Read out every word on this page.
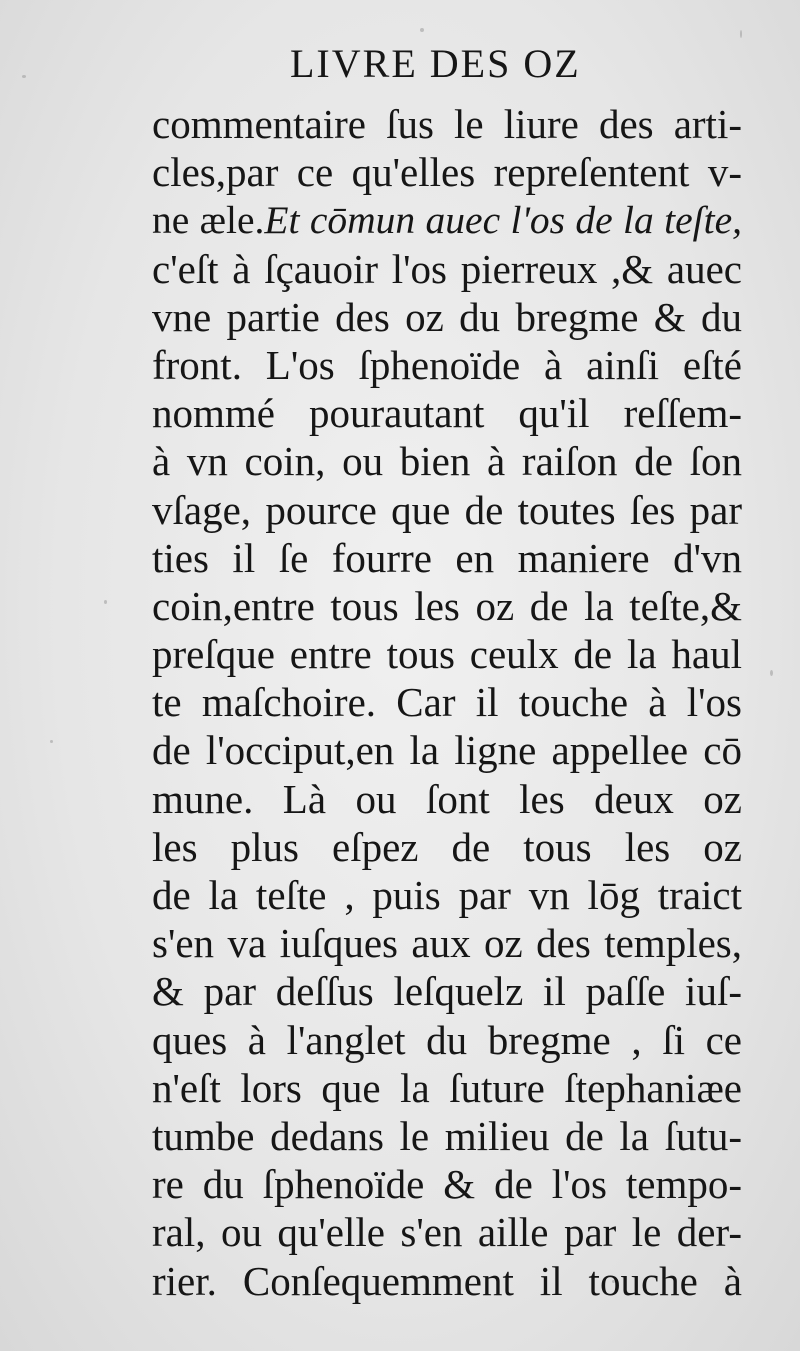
LIVRE DES OZ
commentaire ſus le liure des arti-
cles,par ce qu'elles repreſentent v-
ne æle.Et cōmun auec l'os de la teſte,
c'eſt à ſçauoir l'os pierreux ,& auec
vne partie des oz du bregme & du
front. L'os ſphenoïde à ainſi eſté
nommé pourautant qu'il reſſem-
à vn coin, ou bien à raiſon de ſon
vſage, pource que de toutes ſes par
ties il ſe fourre en maniere d'vn
coin,entre tous les oz de la teſte,&
preſque entre tous ceulx de la haul
te maſchoire. Car il touche à l'os
de l'occiput,en la ligne appellee cō
mune. Là ou ſont les deux oz
les plus eſpez de tous les oz
de la teſte , puis par vn lōg traict
s'en va iuſques aux oz des temples,
& par deſſus leſquelz il paſſe iuſ-
ques à l'anglet du bregme , ſi ce
n'eſt lors que la ſuture ſtephaniæe
tumbe dedans le milieu de la ſutu-
re du ſphenoïde & de l'os tempo-
ral, ou qu'elle s'en aille par le der-
rier. Conſequemment il touche à
